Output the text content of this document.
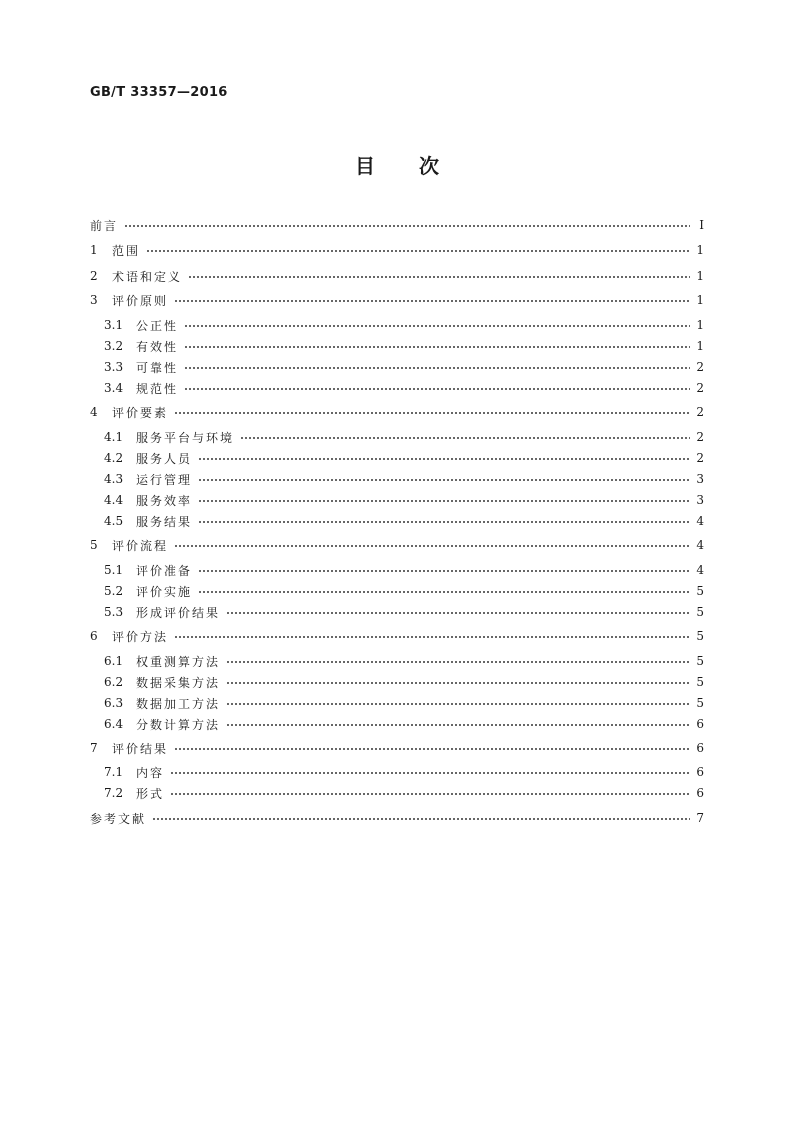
GB/T 33357—2016
目 次
前言	Ⅰ
1	范围	1
2	术语和定义	1
3	评价原则	1
3.1	公正性	1
3.2	有效性	1
3.3	可靠性	2
3.4	规范性	2
4	评价要素	2
4.1	服务平台与环境	2
4.2	服务人员	2
4.3	运行管理	3
4.4	服务效率	3
4.5	服务结果	4
5	评价流程	4
5.1	评价准备	4
5.2	评价实施	5
5.3	形成评价结果	5
6	评价方法	5
6.1	权重测算方法	5
6.2	数据采集方法	5
6.3	数据加工方法	5
6.4	分数计算方法	6
7	评价结果	6
7.1	内容	6
7.2	形式	6
参考文献	7
